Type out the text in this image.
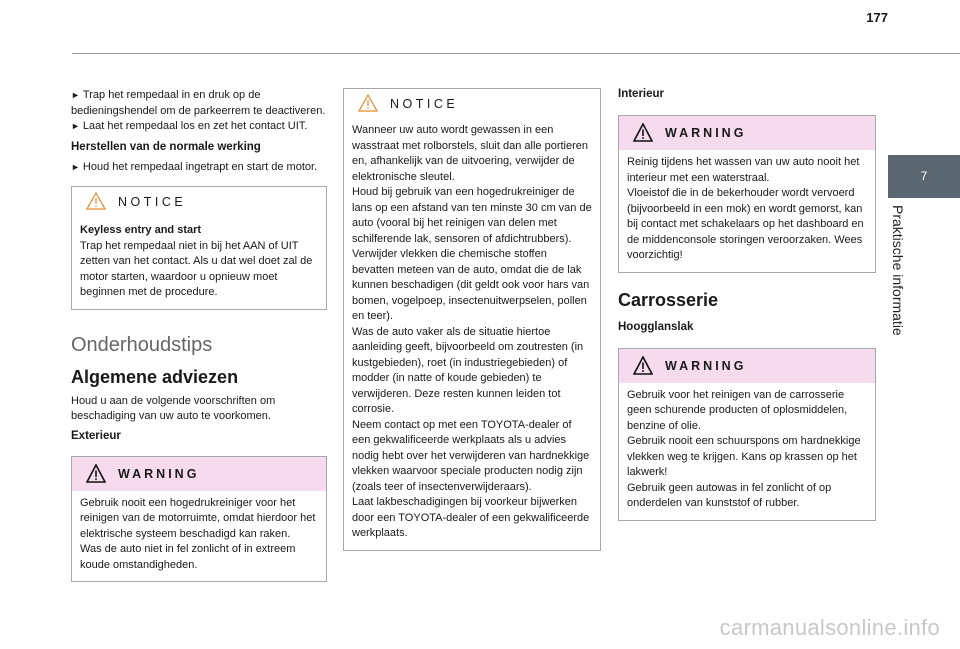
177
7
Praktische informatie

► Trap het rempedaal in en druk op de bedieningshendel om de parkeerrem te deactiveren.

► Laat het rempedaal los en zet het contact UIT.

Herstellen van de normale werking

► Houd het rempedaal ingetrapt en start de motor.

NOTICE
Keyless entry and start
Trap het rempedaal niet in bij het AAN of UIT zetten van het contact. Als u dat wel doet zal de motor starten, waardoor u opnieuw moet beginnen met de procedure.
Onderhoudstips
Algemene adviezen

Houd u aan de volgende voorschriften om beschadiging van uw auto te voorkomen.

Exterieur
WARNING
Gebruik nooit een hogedrukreiniger voor het reinigen van de motorruimte, omdat hierdoor het elektrische systeem beschadigd kan raken.
Was de auto niet in fel zonlicht of in extreem koude omstandigheden.
NOTICE
Wanneer uw auto wordt gewassen in een wasstraat met rolborstels, sluit dan alle portieren en, afhankelijk van de uitvoering, verwijder de elektronische sleutel.
Houd bij gebruik van een hogedrukreiniger de lans op een afstand van ten minste 30 cm van de auto (vooral bij het reinigen van delen met schilferende lak, sensoren of afdichtrubbers).
Verwijder vlekken die chemische stoffen bevatten meteen van de auto, omdat die de lak kunnen beschadigen (dit geldt ook voor hars van bomen, vogelpoep, insectenuitwerpselen, pollen en teer).
Was de auto vaker als de situatie hiertoe aanleiding geeft, bijvoorbeeld om zoutresten (in kustgebieden), roet (in industriegebieden) of modder (in natte of koude gebieden) te verwijderen. Deze resten kunnen leiden tot corrosie.
Neem contact op met een TOYOTA-dealer of een gekwalificeerde werkplaats als u advies nodig hebt over het verwijderen van hardnekkige vlekken waarvoor speciale producten nodig zijn (zoals teer of insectenverwijderaars).
Laat lakbeschadigingen bij voorkeur bijwerken door een TOYOTA-dealer of een gekwalificeerde werkplaats.
Interieur
WARNING
Reinig tijdens het wassen van uw auto nooit het interieur met een waterstraal.
Vloeistof die in de bekerhouder wordt vervoerd (bijvoorbeeld in een mok) en wordt gemorst, kan bij contact met schakelaars op het dashboard en de middenconsole storingen veroorzaken. Wees voorzichtig!
Carrosserie
Hoogglanslak
WARNING
Gebruik voor het reinigen van de carrosserie geen schurende producten of oplosmiddelen, benzine of olie.
Gebruik nooit een schuurspons om hardnekkige vlekken weg te krijgen. Kans op krassen op het lakwerk!
Gebruik geen autowas in fel zonlicht of op onderdelen van kunststof of rubber.
carmanualsonline.info
